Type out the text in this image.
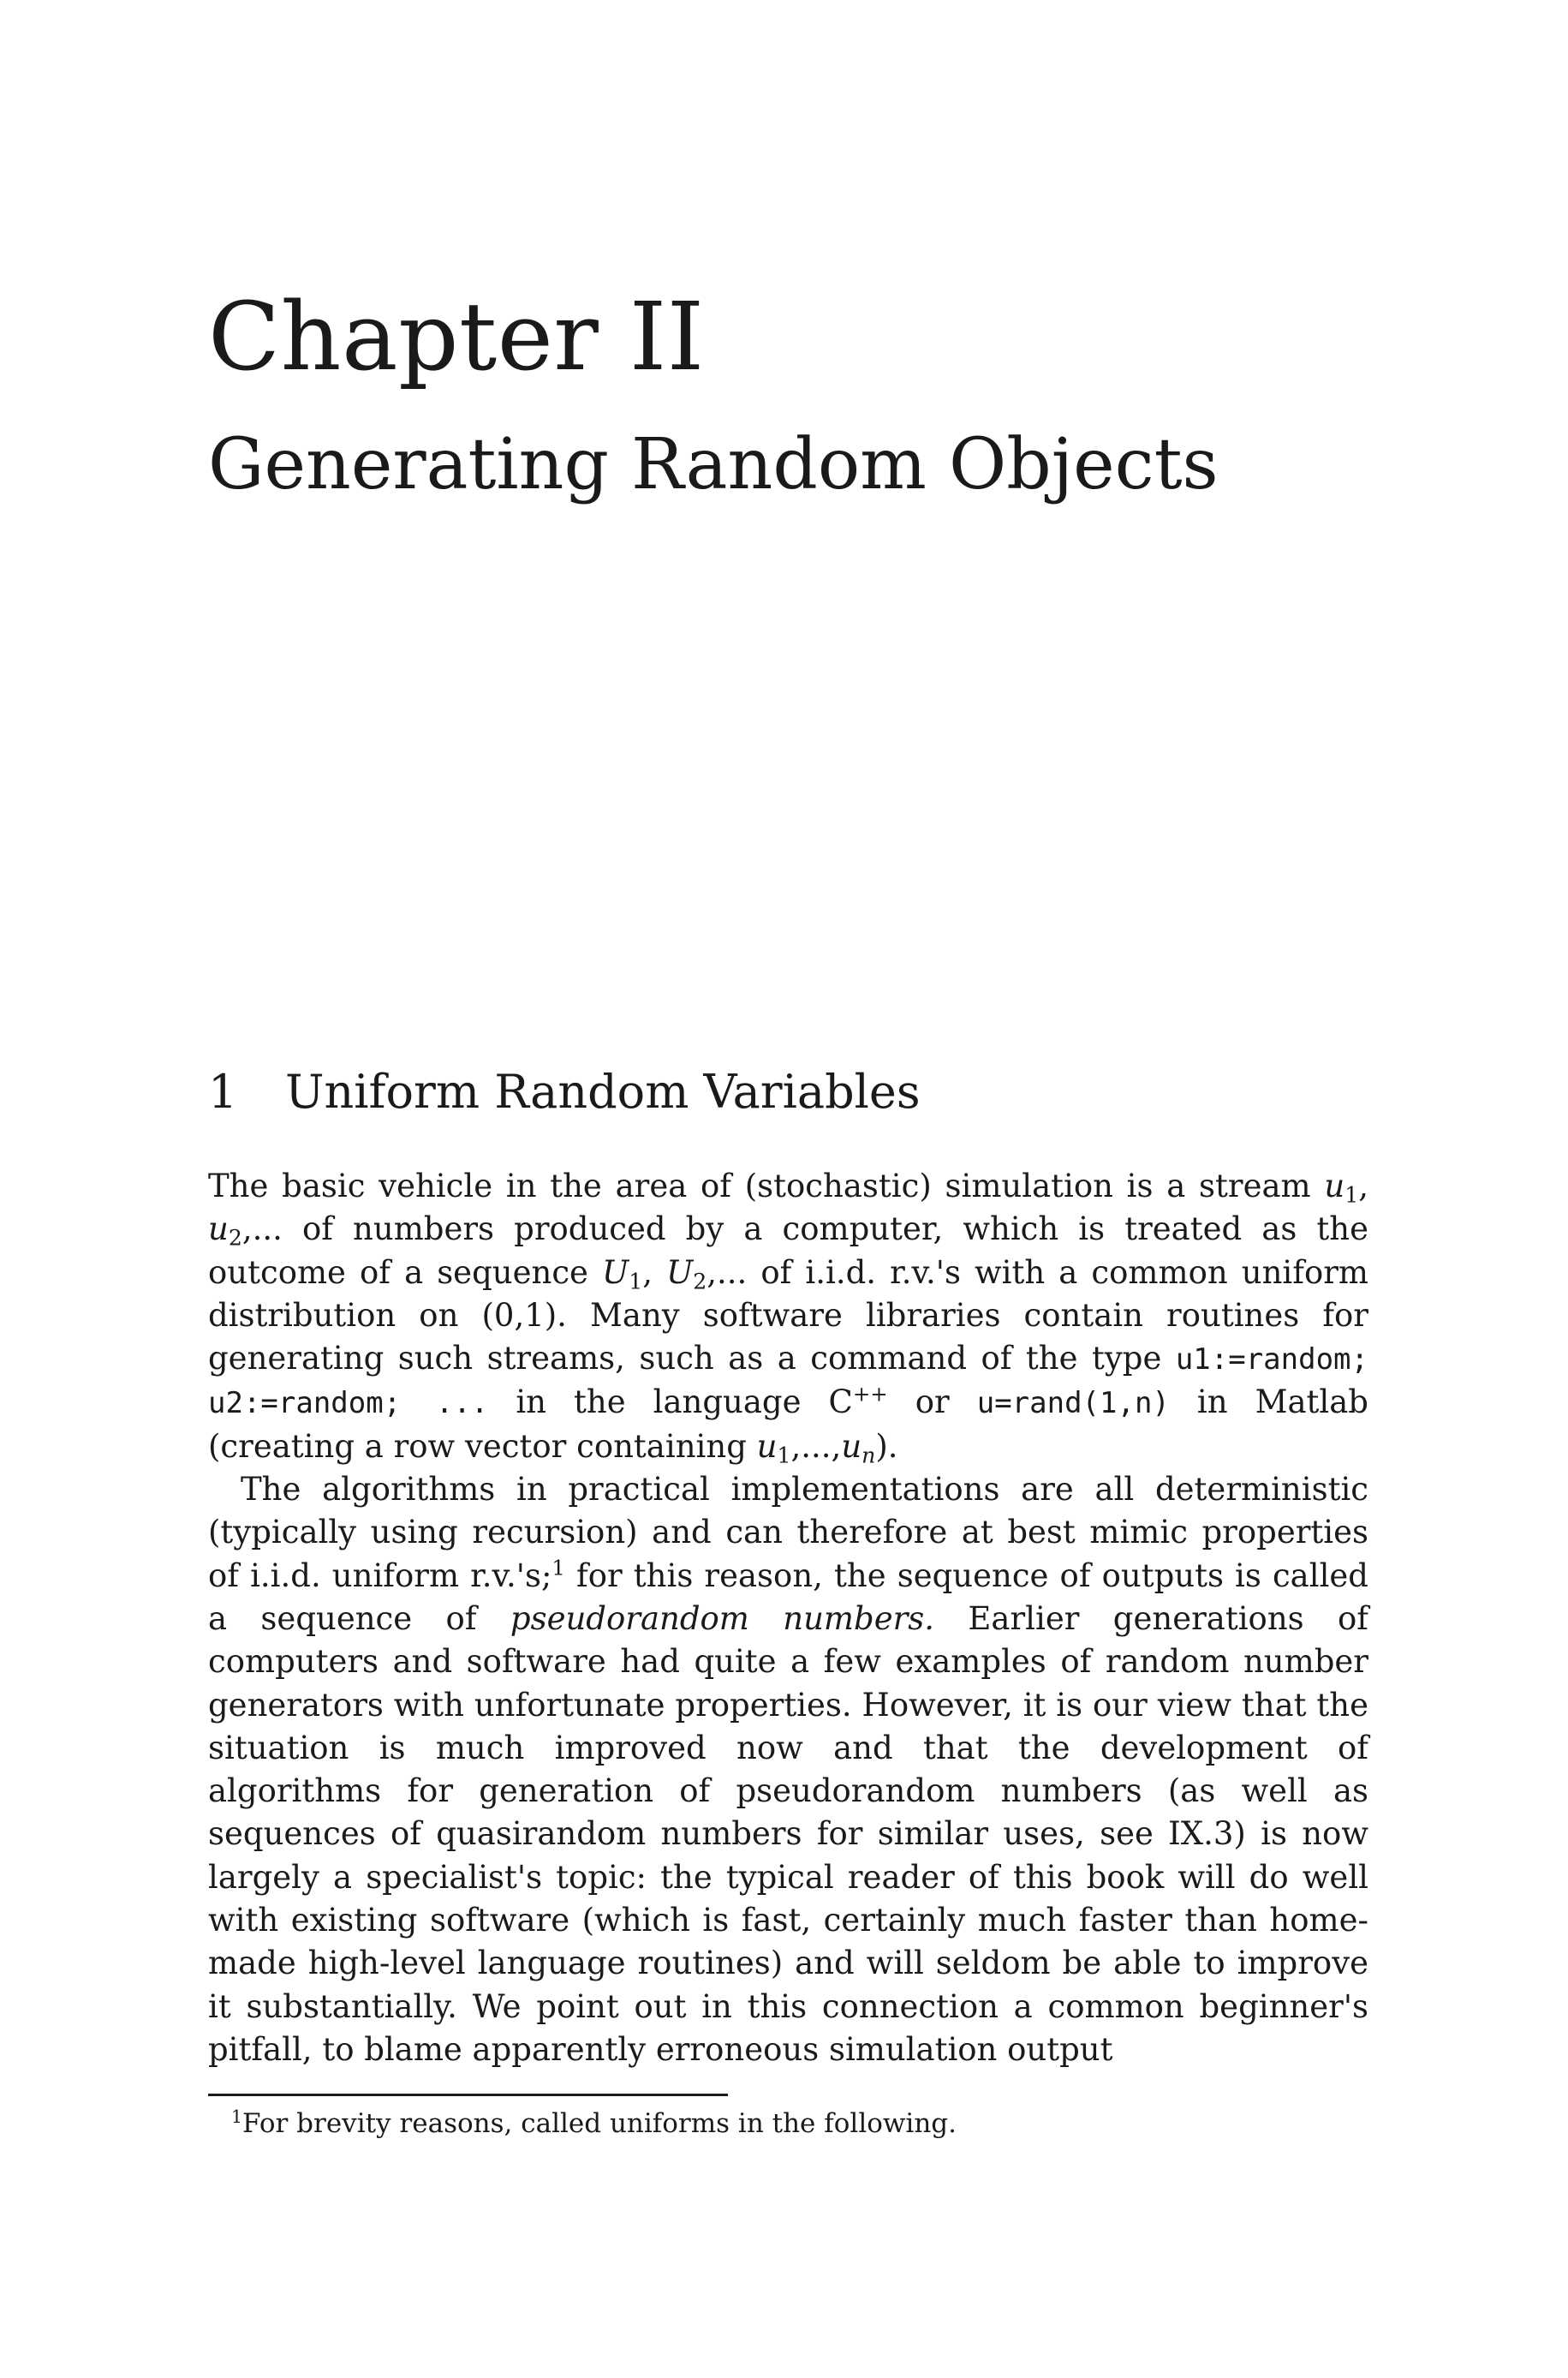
Chapter II
Generating Random Objects
1 Uniform Random Variables

The basic vehicle in the area of (stochastic) simulation is a stream $u_1$, $u_2$,... of numbers produced by a computer, which is treated as the outcome of a sequence $U_1$, $U_2$,... of i.i.d. r.v.'s with a common uniform distribution on (0,1). Many software libraries contain routines for generating such streams, such as a command of the type u1:=random; u2:=random; ... in the language C++ or u=rand(1,n) in Matlab (creating a row vector containing $u_1,...,u_n$).

The algorithms in practical implementations are all deterministic (typically using recursion) and can therefore at best mimic properties of i.i.d. uniform r.v.'s;$^1$ for this reason, the sequence of outputs is called a sequence of pseudorandom numbers. Earlier generations of computers and software had quite a few examples of random number generators with unfortunate properties. However, it is our view that the situation is much improved now and that the development of algorithms for generation of pseudorandom numbers (as well as sequences of quasirandom numbers for similar uses, see IX.3) is now largely a specialist's topic: the typical reader of this book will do well with existing software (which is fast, certainly much faster than home-made high-level language routines) and will seldom be able to improve it substantially. We point out in this connection a common beginner's pitfall, to blame apparently erroneous simulation output

$^1$For brevity reasons, called uniforms in the following.
